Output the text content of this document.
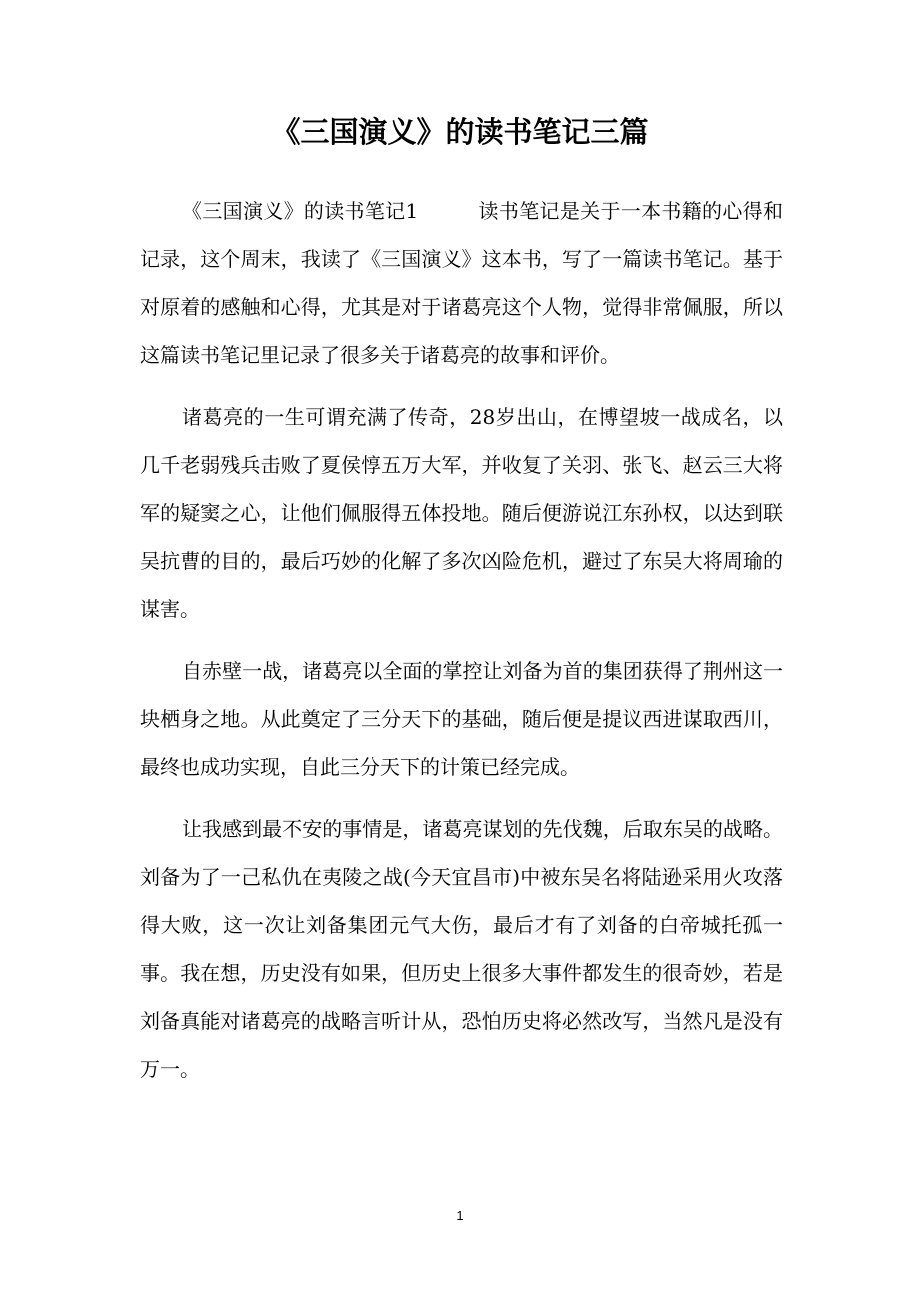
《三国演义》的读书笔记三篇

《三国演义》的读书笔记1	读书笔记是关于一本书籍的心得和记录，这个周末，我读了《三国演义》这本书，写了一篇读书笔记。基于对原着的感触和心得，尤其是对于诸葛亮这个人物，觉得非常佩服，所以这篇读书笔记里记录了很多关于诸葛亮的故事和评价。

诸葛亮的一生可谓充满了传奇，28岁出山，在博望坡一战成名，以几千老弱残兵击败了夏侯惇五万大军，并收复了关羽、张飞、赵云三大将军的疑窦之心，让他们佩服得五体投地。随后便游说江东孙权，以达到联吴抗曹的目的，最后巧妙的化解了多次凶险危机，避过了东吴大将周瑜的谋害。

自赤壁一战，诸葛亮以全面的掌控让刘备为首的集团获得了荆州这一块栖身之地。从此奠定了三分天下的基础，随后便是提议西进谋取西川，最终也成功实现，自此三分天下的计策已经完成。

让我感到最不安的事情是，诸葛亮谋划的先伐魏，后取东吴的战略。刘备为了一己私仇在夷陵之战(今天宜昌市)中被东吴名将陆逊采用火攻落得大败，这一次让刘备集团元气大伤，最后才有了刘备的白帝城托孤一事。我在想，历史没有如果，但历史上很多大事件都发生的很奇妙，若是刘备真能对诸葛亮的战略言听计从，恐怕历史将必然改写，当然凡是没有万一。

1
